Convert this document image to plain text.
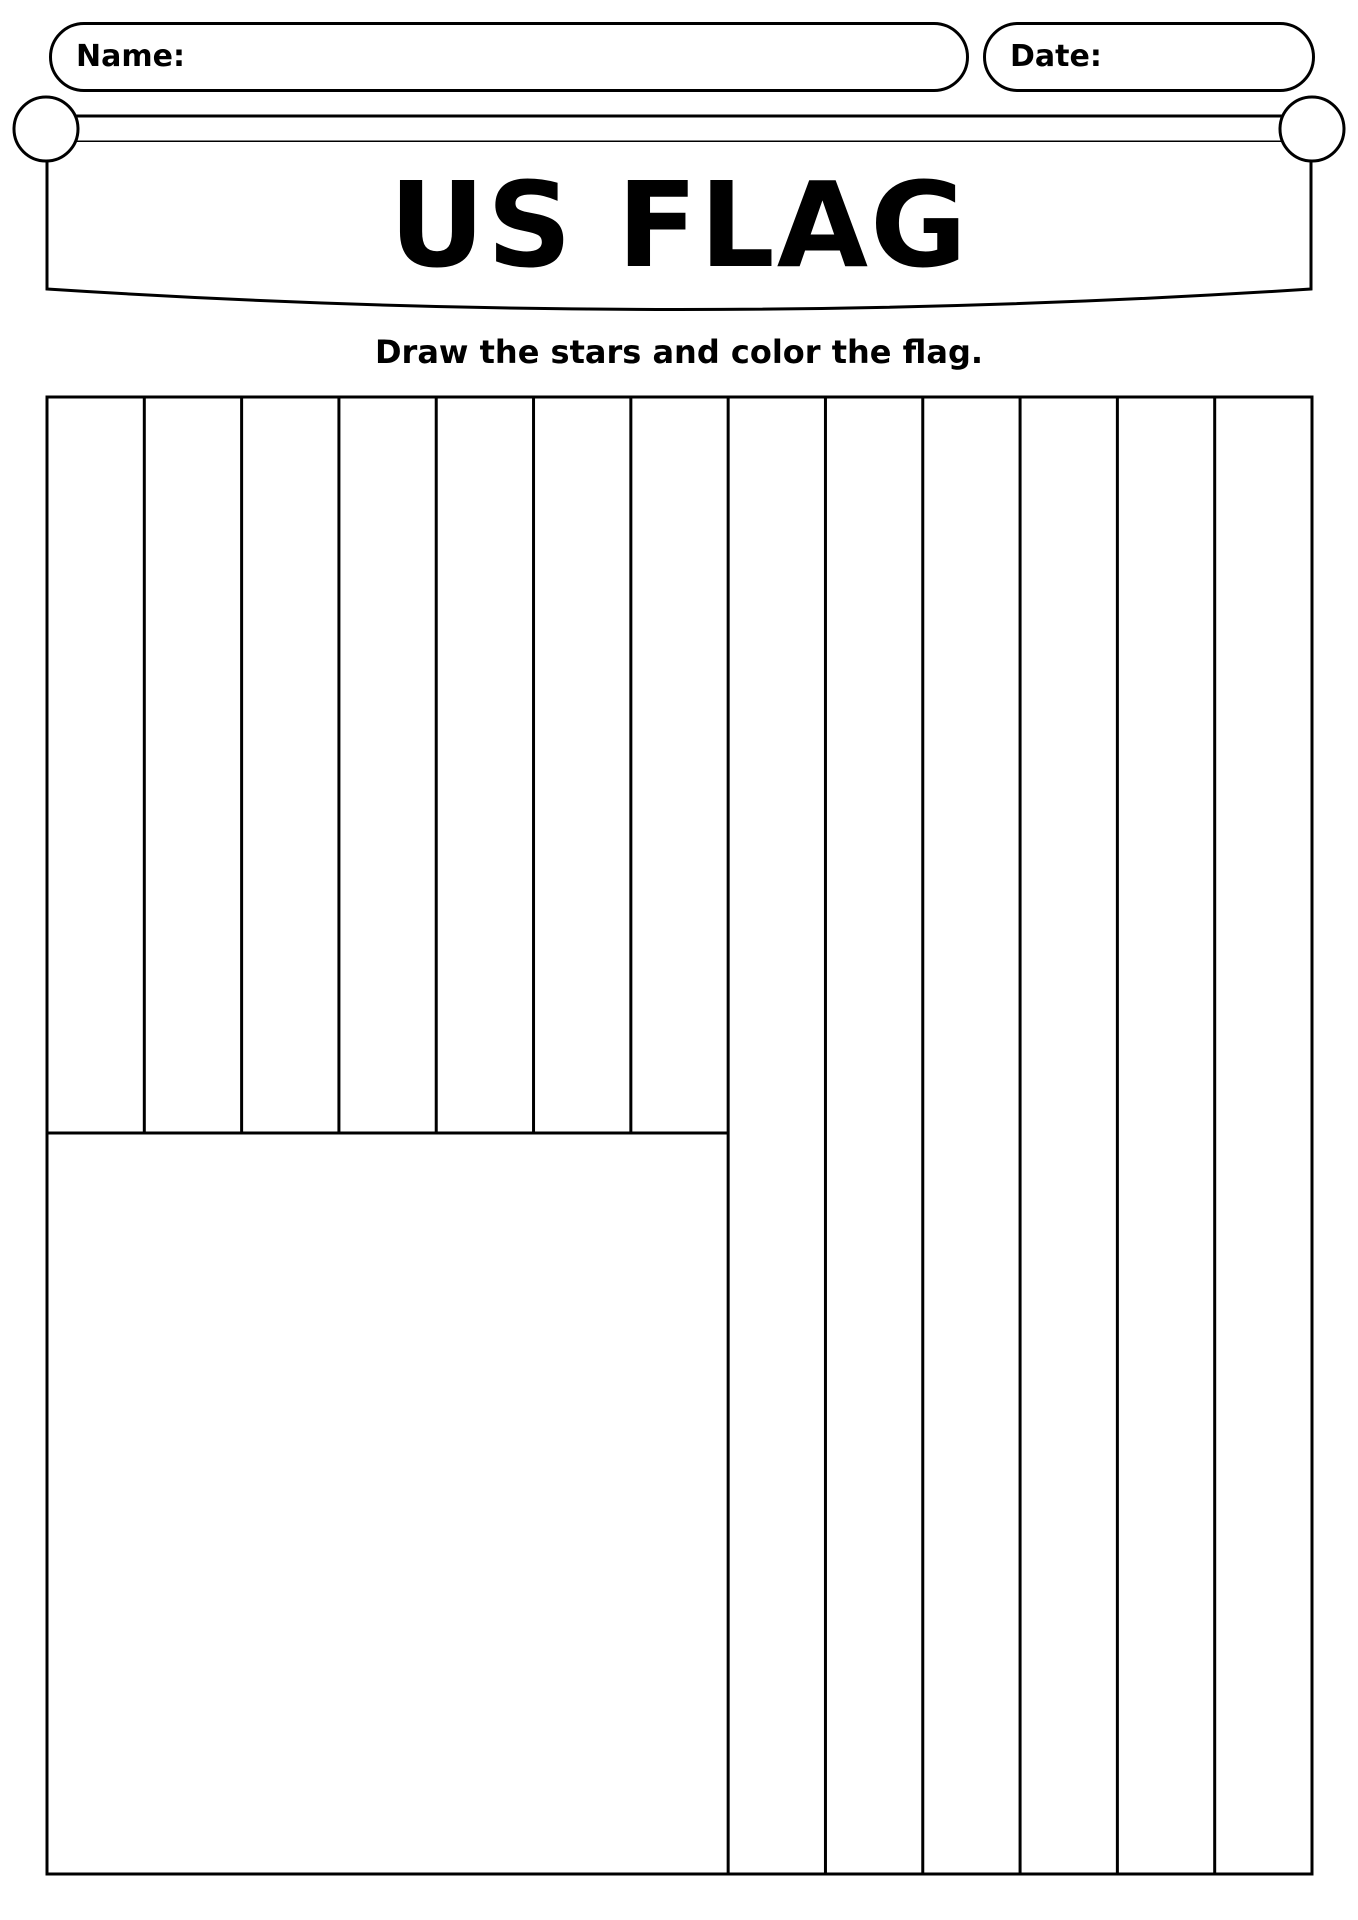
Name:	Date:
US FLAG
Draw the stars and color the flag.
